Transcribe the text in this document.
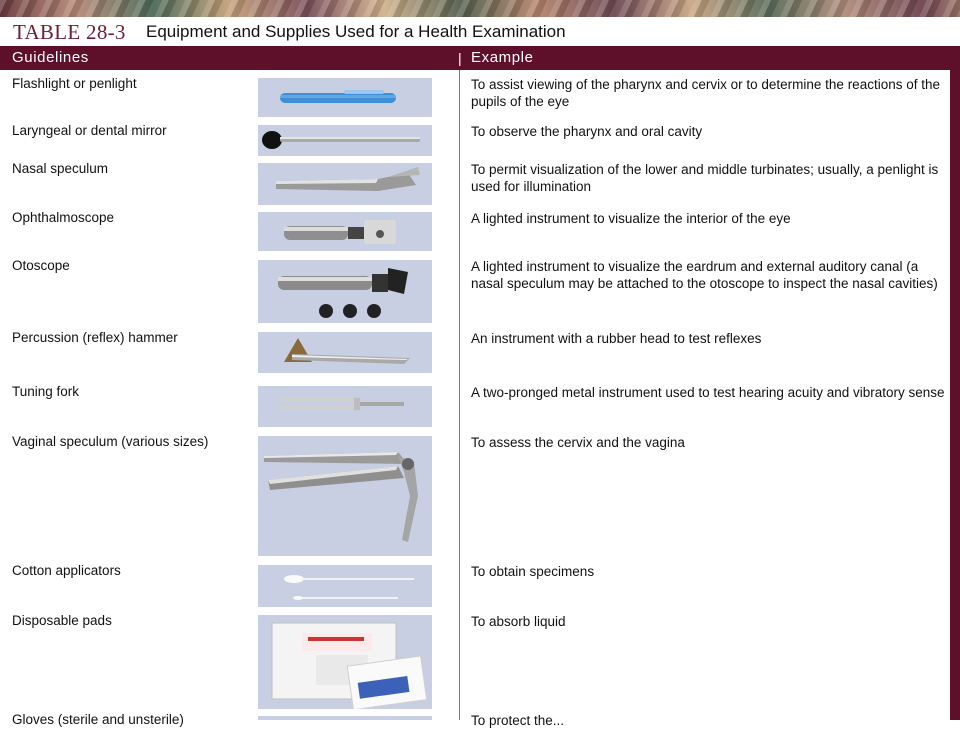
TABLE 28-3 Equipment and Supplies Used for a Health Examination
Guidelines	| Example
Flashlight or penlight	To assist viewing of the pharynx and cervix or to determine the reactions of the pupils of the eye
Laryngeal or dental mirror	To observe the pharynx and oral cavity
Nasal speculum	To permit visualization of the lower and middle turbinates; usually, a penlight is used for illumination
Ophthalmoscope	A lighted instrument to visualize the interior of the eye
Otoscope	A lighted instrument to visualize the eardrum and external auditory canal (a nasal speculum may be attached to the otoscope to inspect the nasal cavities)
Percussion (reflex) hammer	An instrument with a rubber head to test reflexes
Tuning fork	A two-pronged metal instrument used to test hearing acuity and vibratory sense
Vaginal speculum (various sizes)	To assess the cervix and the vagina
Cotton applicators	To obtain specimens
Disposable pads	To absorb liquid
Gloves (sterile and unsterile)	To protect the...
